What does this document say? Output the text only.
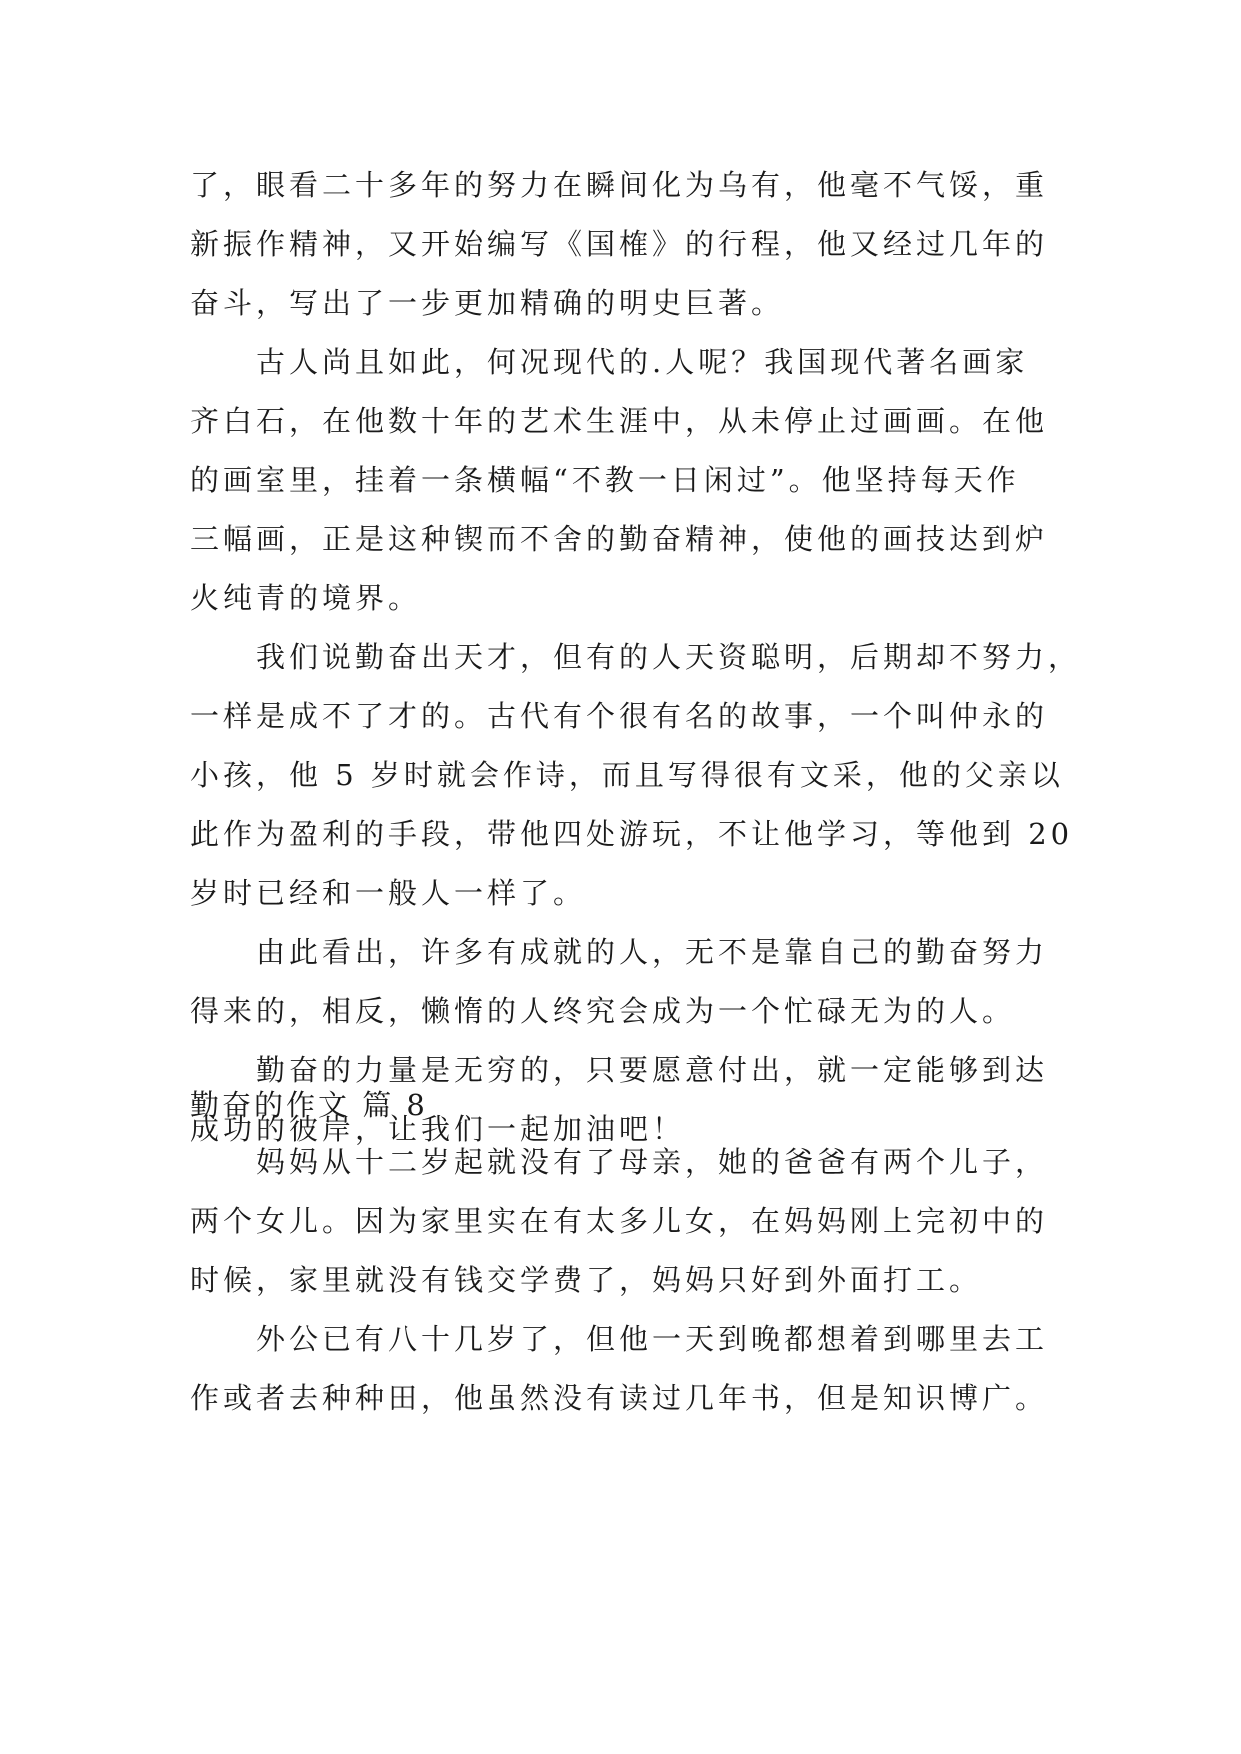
了，眼看二十多年的努力在瞬间化为乌有，他毫不气馁，重
新振作精神，又开始编写《国榷》的行程，他又经过几年的
奋斗，写出了一步更加精确的明史巨著。
古人尚且如此，何况现代的.人呢？我国现代著名画家
齐白石，在他数十年的艺术生涯中，从未停止过画画。在他
的画室里，挂着一条横幅“不教一日闲过”。他坚持每天作
三幅画，正是这种锲而不舍的勤奋精神，使他的画技达到炉
火纯青的境界。
我们说勤奋出天才，但有的人天资聪明，后期却不努力，
一样是成不了才的。古代有个很有名的故事，一个叫仲永的
小孩，他 5 岁时就会作诗，而且写得很有文采，他的父亲以
此作为盈利的手段，带他四处游玩，不让他学习，等他到 20
岁时已经和一般人一样了。
由此看出，许多有成就的人，无不是靠自己的勤奋努力
得来的，相反，懒惰的人终究会成为一个忙碌无为的人。
勤奋的力量是无穷的，只要愿意付出，就一定能够到达
成功的彼岸，让我们一起加油吧！
勤奋的作文 篇 8
妈妈从十二岁起就没有了母亲，她的爸爸有两个儿子，
两个女儿。因为家里实在有太多儿女，在妈妈刚上完初中的
时候，家里就没有钱交学费了，妈妈只好到外面打工。
外公已有八十几岁了，但他一天到晚都想着到哪里去工
作或者去种种田，他虽然没有读过几年书，但是知识博广。
